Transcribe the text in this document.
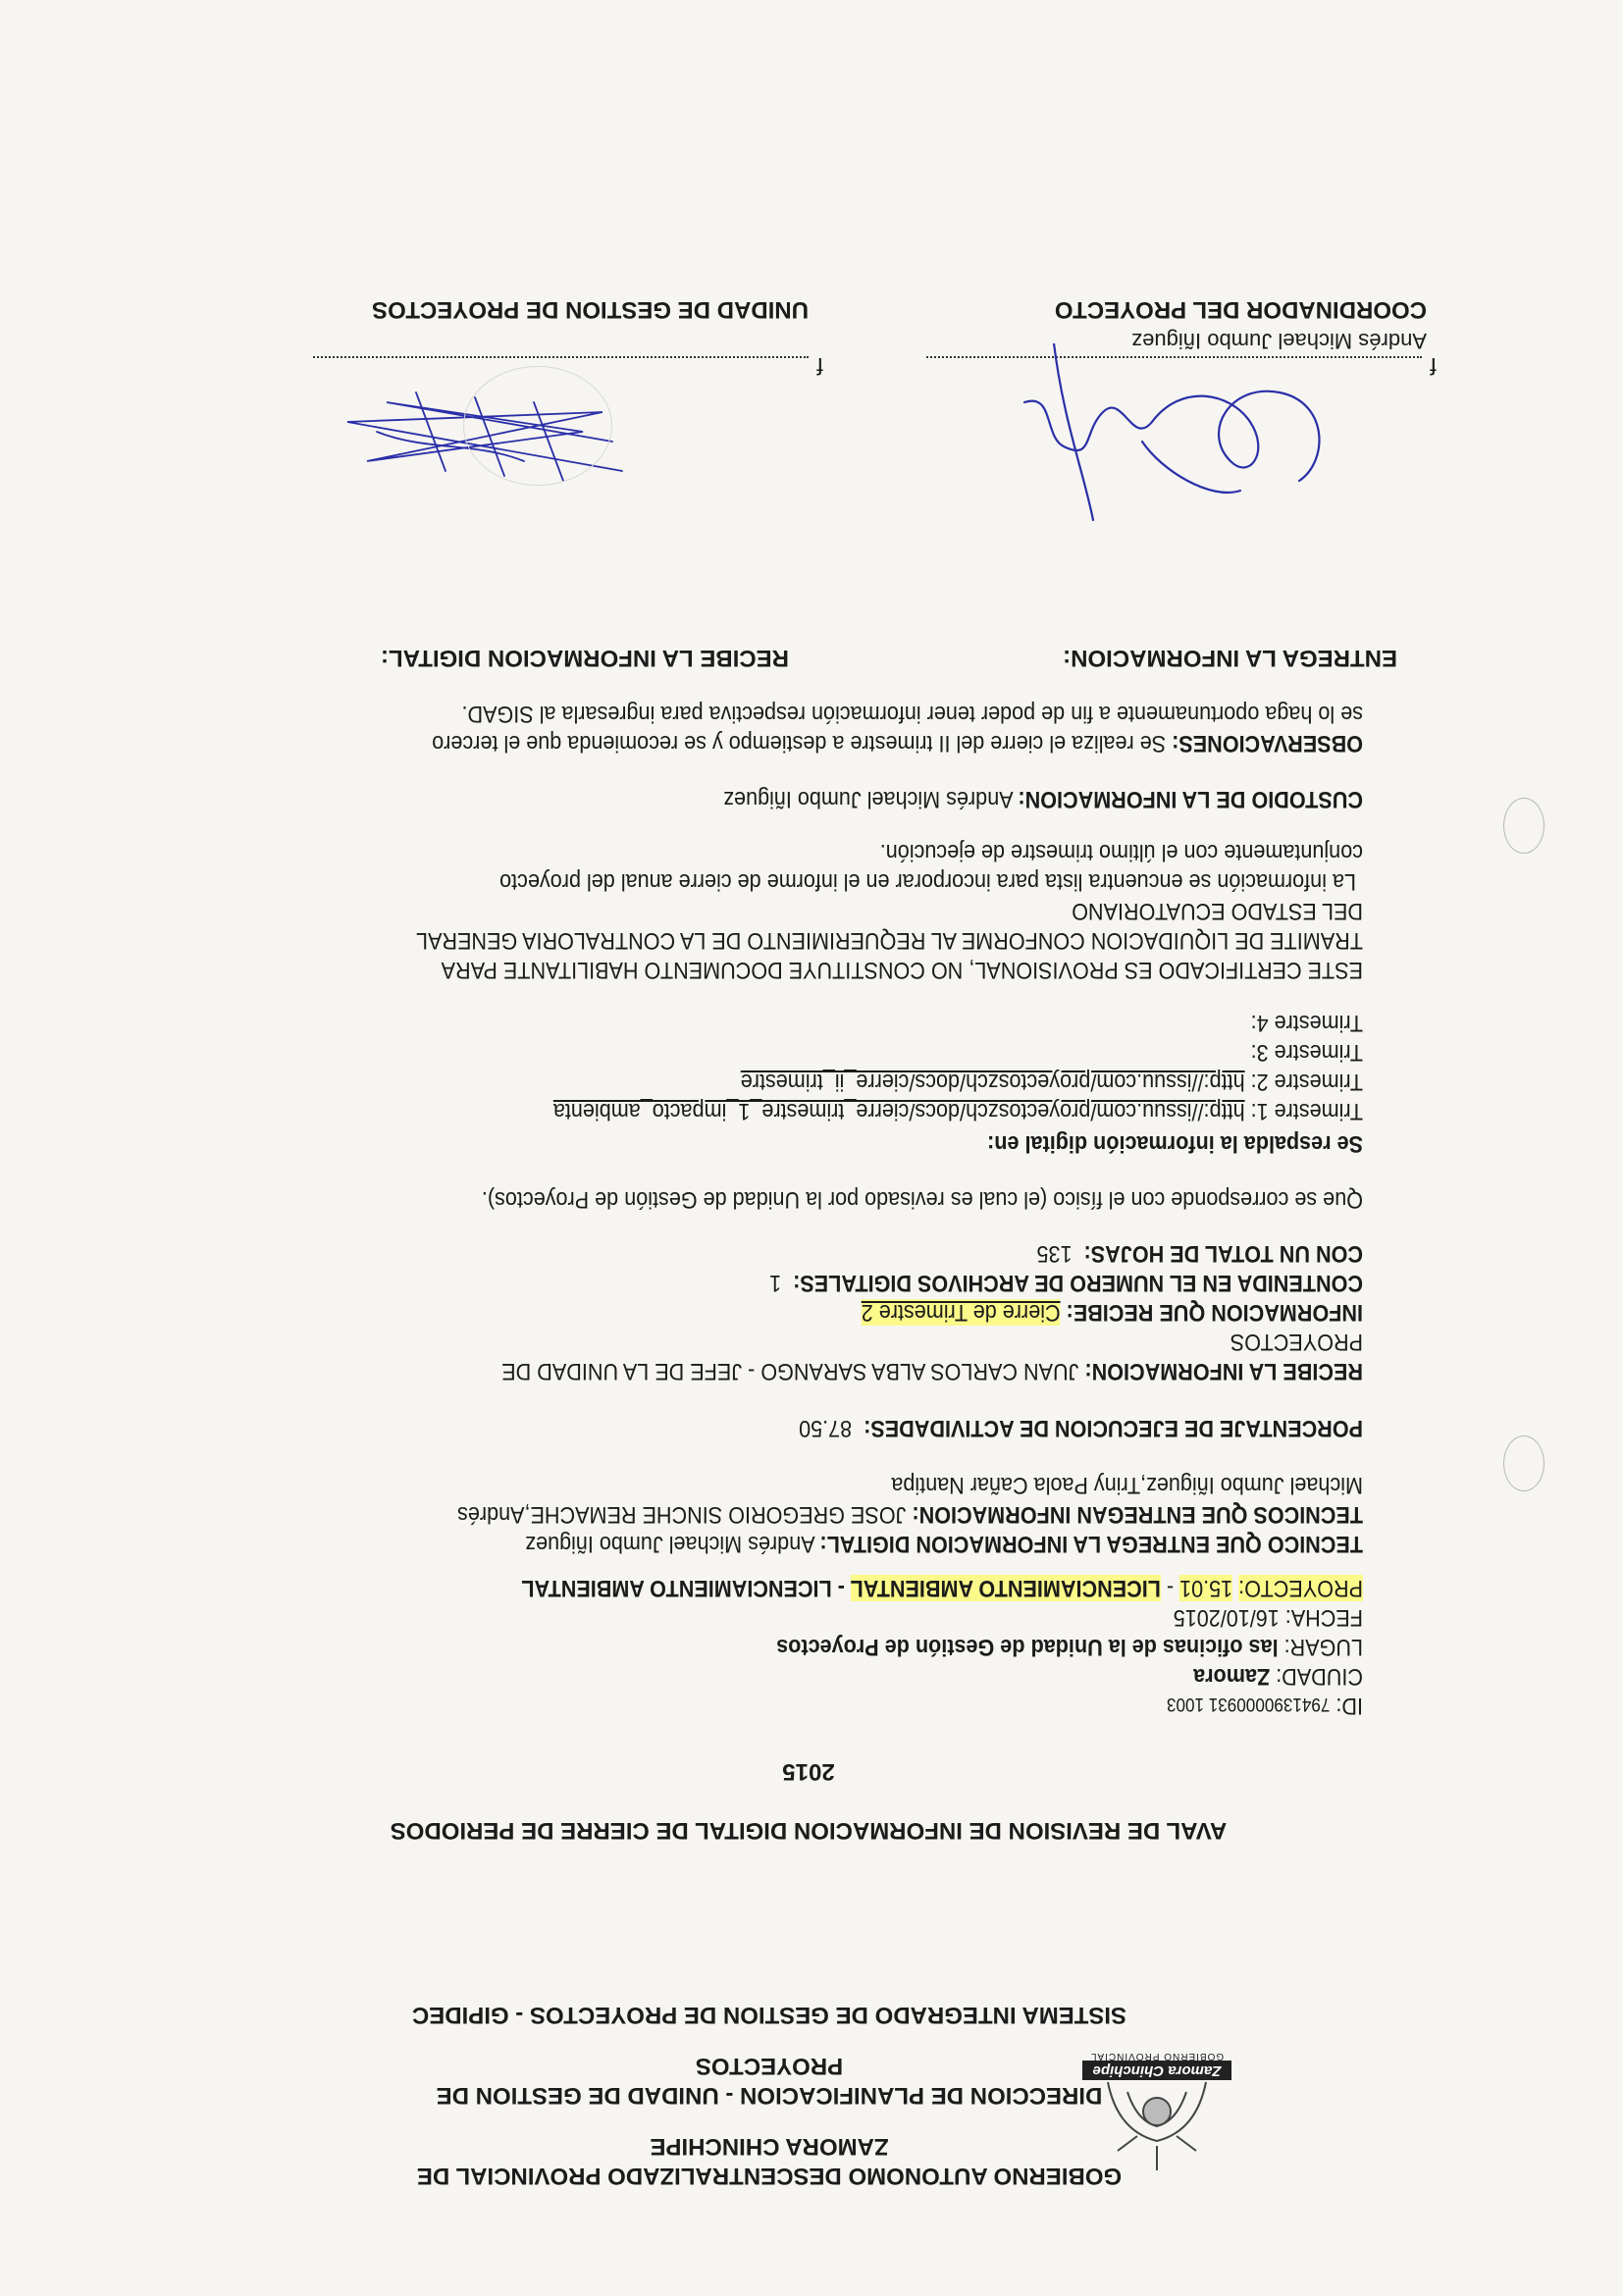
Zamora Chinchipe
GOBIERNO PROVINCIAL
GOBIERNO AUTONOMO DESCENTRALIZADO PROVINCIAL DE
ZAMORA CHINCHIPE
DIRECCION DE PLANIFICACION - UNIDAD DE GESTION DE
PROYECTOS
SISTEMA INTEGRADO DE GESTION DE PROYECTOS - GIPIDEC
AVAL DE REVISION DE INFORMACION DIGITAL DE CIERRE DE PERIODOS
2015
ID: 7941390000931 1003
CIUDAD: Zamora
LUGAR: las oficinas de la Unidad de Gestión de Proyectos
FECHA: 16/10/2015
PROYECTO: 15.01 - LICENCIAMIENTO AMBIENTAL - LICENCIAMIENTO AMBIENTAL
TECNICO QUE ENTREGA LA INFORMACION DIGITAL: Andrés Michael Jumbo Iñiguez
TECNICOS QUE ENTREGAN INFORMACION: JOSE GREGORIO SINCHE REMACHE,Andrés
Michael Jumbo Iñiguez,Triny Paola Cañar Nantipa
PORCENTAJE DE EJECUCION DE ACTIVIDADES:  87.50
RECIBE LA INFORMACION: JUAN CARLOS ALBA SARANGO - JEFE DE LA UNIDAD DE
PROYECTOS
INFORMACION QUE RECIBE: Cierre de Trimestre 2
CONTENIDA EN EL NUMERO DE ARCHIVOS DIGITALES:  1
CON UN TOTAL DE HOJAS:  135
Que se corresponde con el físico (el cual es revisado por la Unidad de Gestión de Proyectos).
Se respalda la información digital en:
Trimestre 1: http://issuu.com/proyectoszch/docs/cierre_trimestre_1_impacto_ambienta
Trimestre 2: http://issuu.com/proyectoszch/docs/cierre_ii_trimestre
Trimestre 3:
Trimestre 4:
ESTE CERTIFICADO ES PROVISIONAL, NO CONSTITUYE DOCUMENTO HABILITANTE PARA
TRAMITE DE LIQUIDACION CONFORME AL REQUERIMIENTO DE LA CONTRALORIA GENERAL
DEL ESTADO ECUATORIANO
La información se encuentra lista para incorporar en el informe de cierre anual del proyecto
conjuntamente con el último trimestre de ejecución.
CUSTODIO DE LA INFORMACION: Andrés Michael Jumbo Iñiguez
OBSERVACIONES: Se realiza el cierre del II trimestre a destiempo y se recomienda que el tercero
se lo haga oportunamente a fin de poder tener información respectiva para ingresarla al SIGAD.
ENTREGA LA INFORMACION:
RECIBE LA INFORMACION DIGITAL:
f
f
Andrés Michael Jumbo Iñiguez
COORDINADOR DEL PROYECTO
UNIDAD DE GESTION DE PROYECTOS
